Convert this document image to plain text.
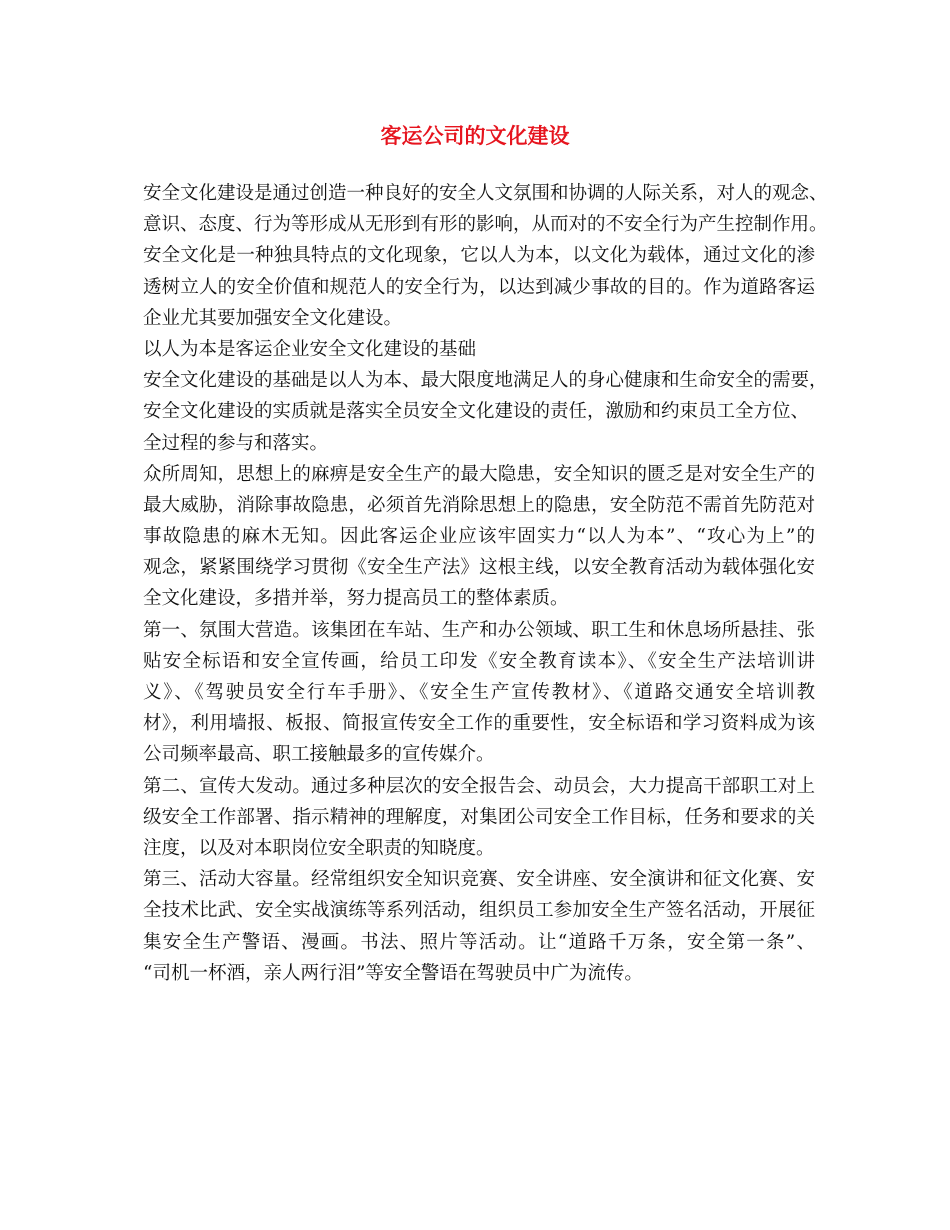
客运公司的文化建设
安全文化建设是通过创造一种良好的安全人文氛围和协调的人际关系，对人的观念、
意识、态度、行为等形成从无形到有形的影响，从而对的不安全行为产生控制作用。
安全文化是一种独具特点的文化现象，它以人为本，以文化为载体，通过文化的渗
透树立人的安全价值和规范人的安全行为，以达到减少事故的目的。作为道路客运
企业尤其要加强安全文化建设。
以人为本是客运企业安全文化建设的基础
安全文化建设的基础是以人为本、最大限度地满足人的身心健康和生命安全的需要，
安全文化建设的实质就是落实全员安全文化建设的责任，激励和约束员工全方位、
全过程的参与和落实。
众所周知，思想上的麻痹是安全生产的最大隐患，安全知识的匮乏是对安全生产的
最大威胁，消除事故隐患，必须首先消除思想上的隐患，安全防范不需首先防范对
事故隐患的麻木无知。因此客运企业应该牢固实力“以人为本”、“攻心为上”的
观念，紧紧围绕学习贯彻《安全生产法》这根主线，以安全教育活动为载体强化安
全文化建设，多措并举，努力提高员工的整体素质。
第一、氛围大营造。该集团在车站、生产和办公领域、职工生和休息场所悬挂、张
贴安全标语和安全宣传画，给员工印发《安全教育读本》、《安全生产法培训讲
义》、《驾驶员安全行车手册》、《安全生产宣传教材》、《道路交通安全培训教
材》，利用墙报、板报、简报宣传安全工作的重要性，安全标语和学习资料成为该
公司频率最高、职工接触最多的宣传媒介。
第二、宣传大发动。通过多种层次的安全报告会、动员会，大力提高干部职工对上
级安全工作部署、指示精神的理解度，对集团公司安全工作目标，任务和要求的关
注度，以及对本职岗位安全职责的知晓度。
第三、活动大容量。经常组织安全知识竞赛、安全讲座、安全演讲和征文化赛、安
全技术比武、安全实战演练等系列活动，组织员工参加安全生产签名活动，开展征
集安全生产警语、漫画。书法、照片等活动。让“道路千万条，安全第一条”、
“司机一杯酒，亲人两行泪”等安全警语在驾驶员中广为流传。
